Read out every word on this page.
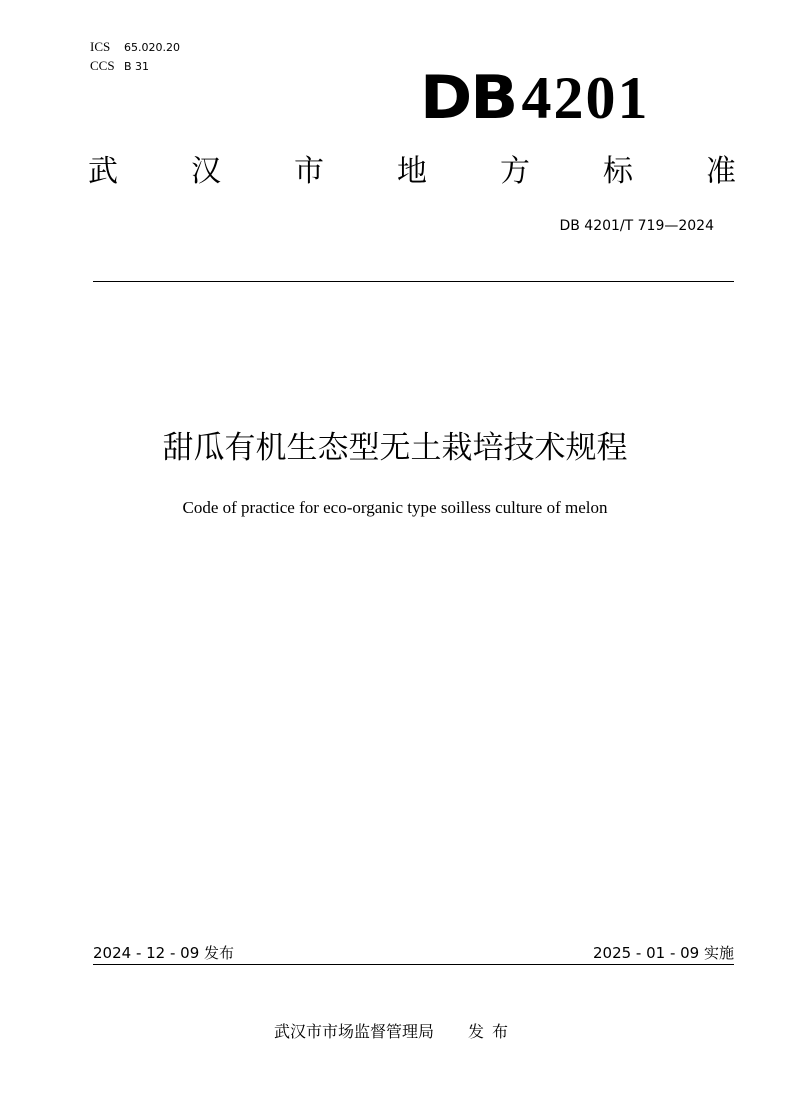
ICS 65.020.20
CCS B 31	DB 4201
武 汉 市 地 方 标 准
DB 4201/T 719—2024
甜瓜有机生态型无土栽培技术规程
Code of practice for eco-organic type soilless culture of melon
2024 - 12 - 09 发布	2025 - 01 - 09 实施
武汉市市场监督管理局 发布
